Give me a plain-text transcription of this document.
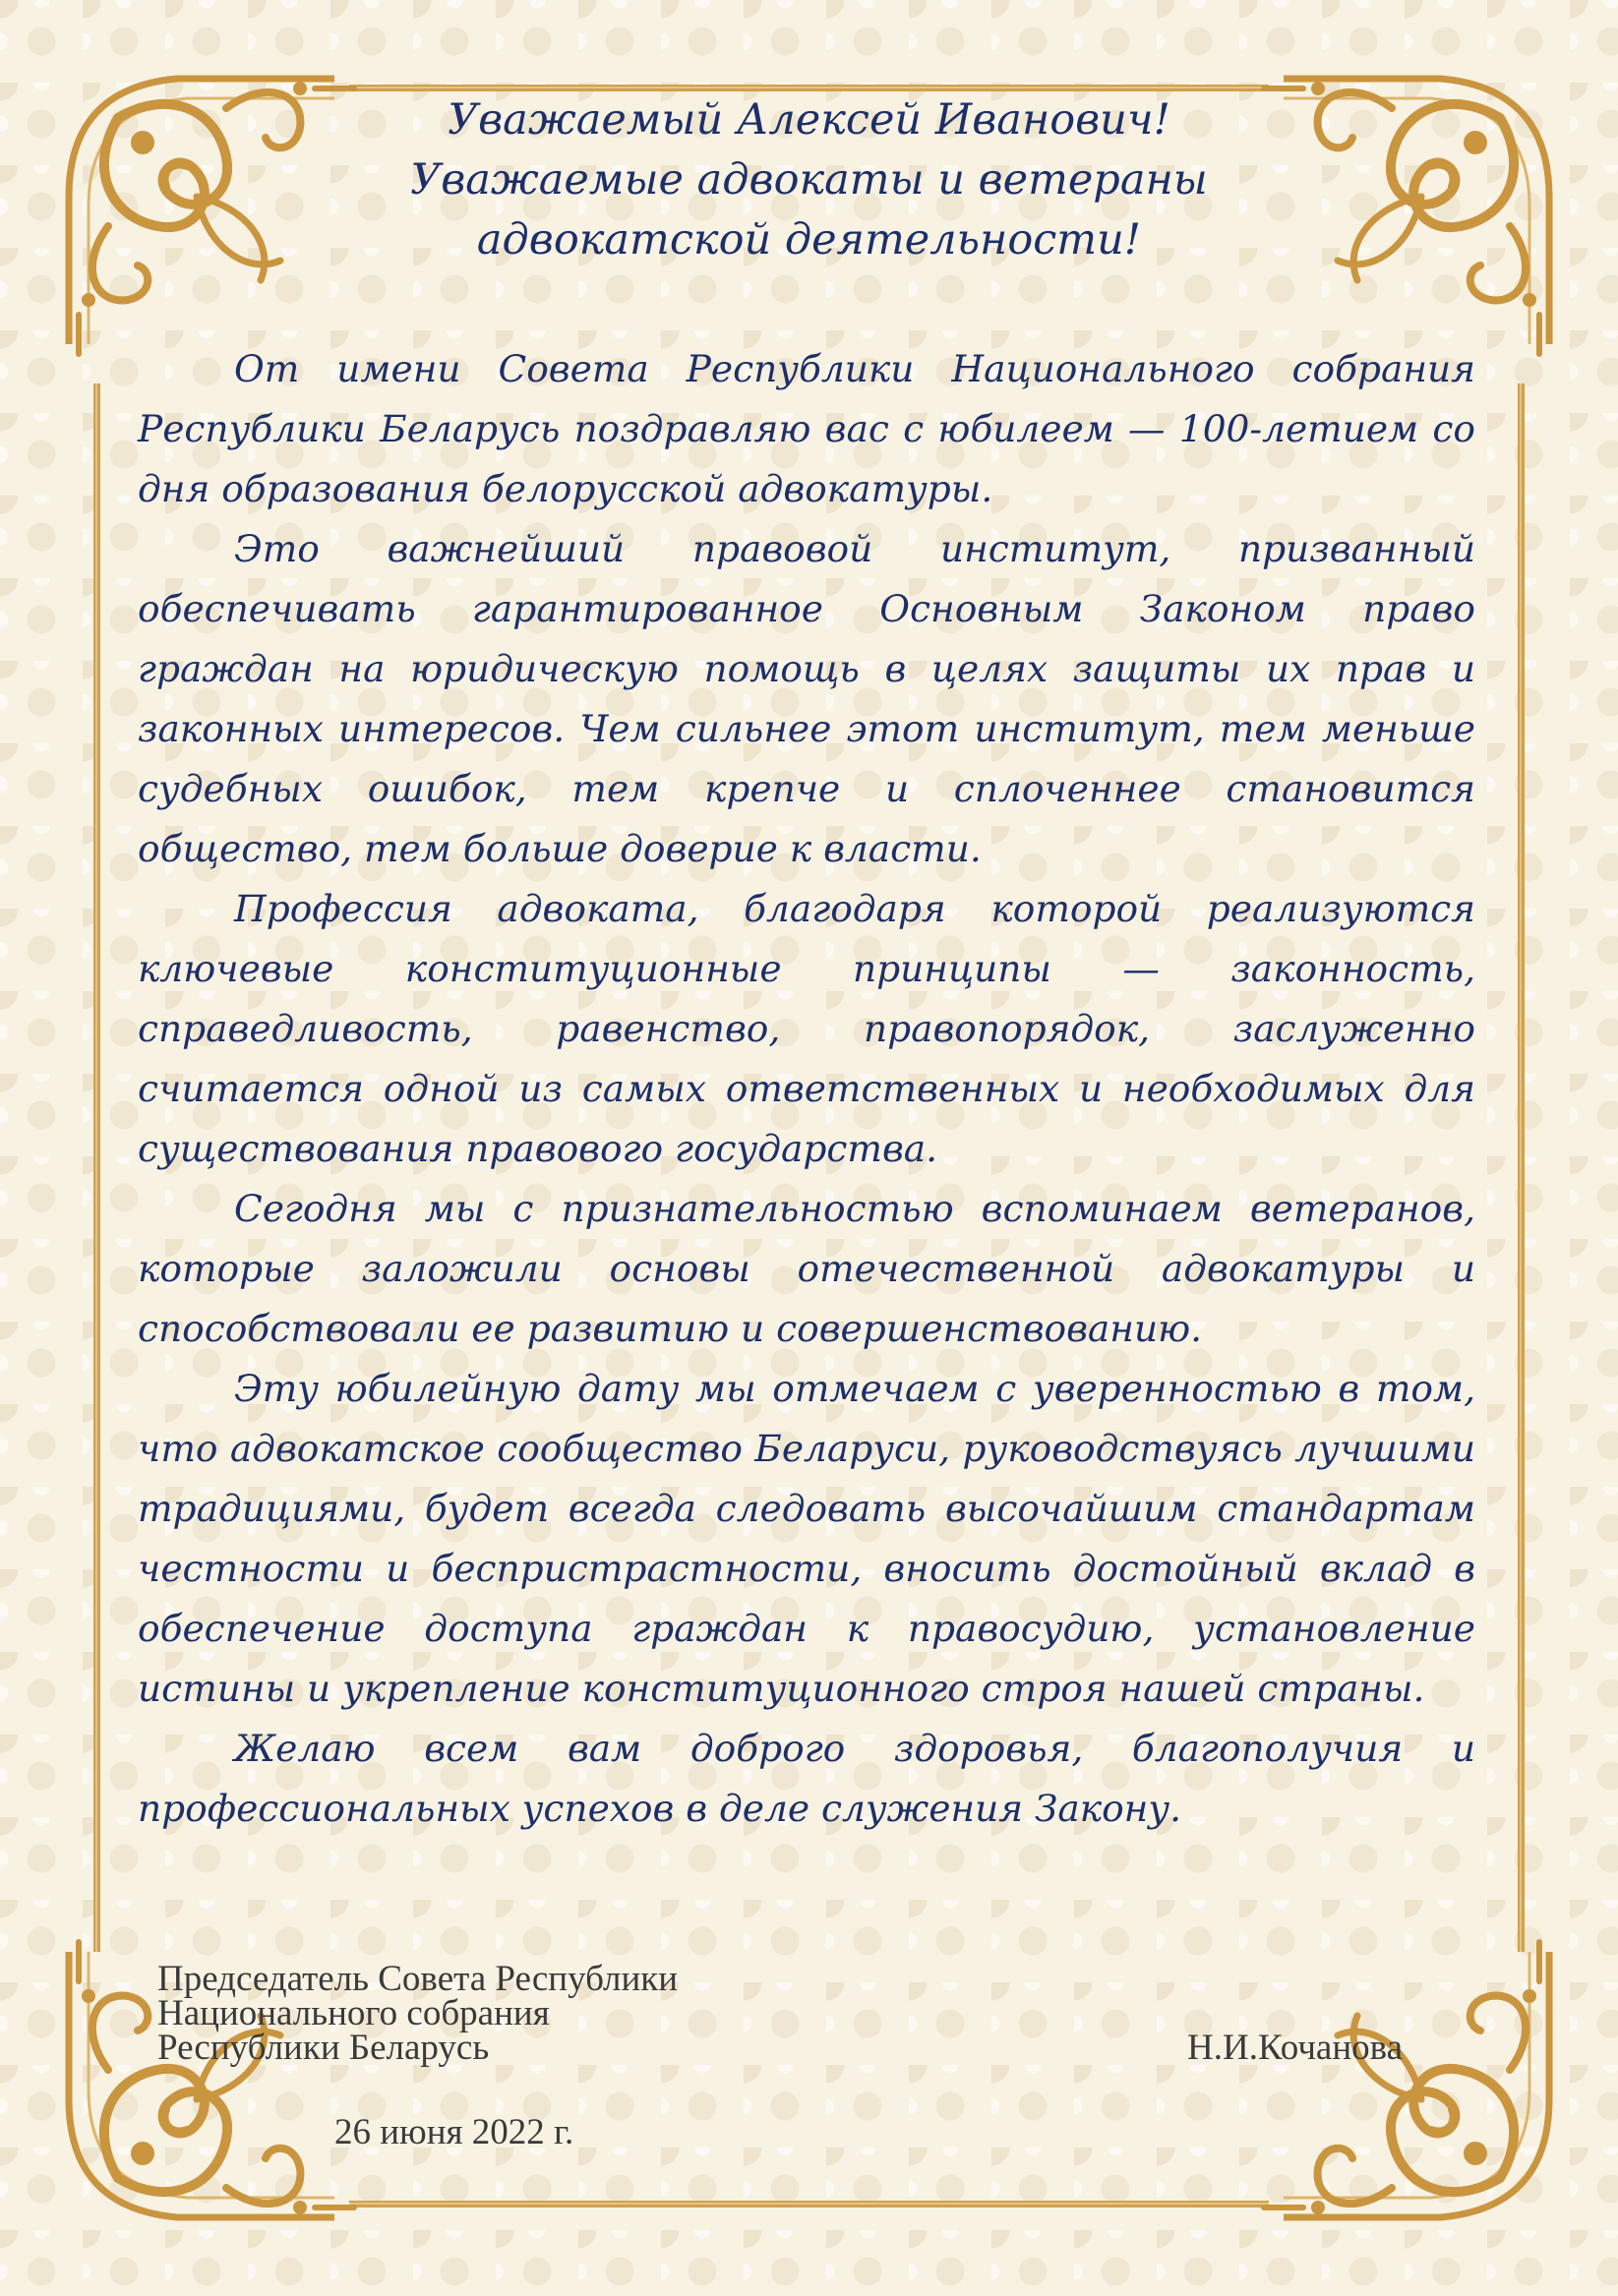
Уважаемый Алексей Иванович!
Уважаемые адвокаты и ветераны
адвокатской деятельности!

От имени Совета Республики Национального собрания Республики Беларусь поздравляю вас с юбилеем — 100-летием со дня образования белорусской адвокатуры.

Это важнейший правовой институт, призванный обеспечивать гарантированное Основным Законом право граждан на юридическую помощь в целях защиты их прав и законных интересов. Чем сильнее этот институт, тем меньше судебных ошибок, тем крепче и сплоченнее становится общество, тем больше доверие к власти.

Профессия адвоката, благодаря которой реализуются ключевые конституционные принципы — законность, справедливость, равенство, правопорядок, заслуженно считается одной из самых ответственных и необходимых для существования правового государства.

Сегодня мы с признательностью вспоминаем ветеранов, которые заложили основы отечественной адвокатуры и способствовали ее развитию и совершенствованию.

Эту юбилейную дату мы отмечаем с уверенностью в том, что адвокатское сообщество Беларуси, руководствуясь лучшими традициями, будет всегда следовать высочайшим стандартам честности и беспристрастности, вносить достойный вклад в обеспечение доступа граждан к правосудию, установление истины и укрепление конституционного строя нашей страны.

Желаю всем вам доброго здоровья, благополучия и профессиональных успехов в деле служения Закону.

Председатель Совета Республики
Национального собрания
Республики Беларусь	Н.И.Кочанова
26 июня 2022 г.
